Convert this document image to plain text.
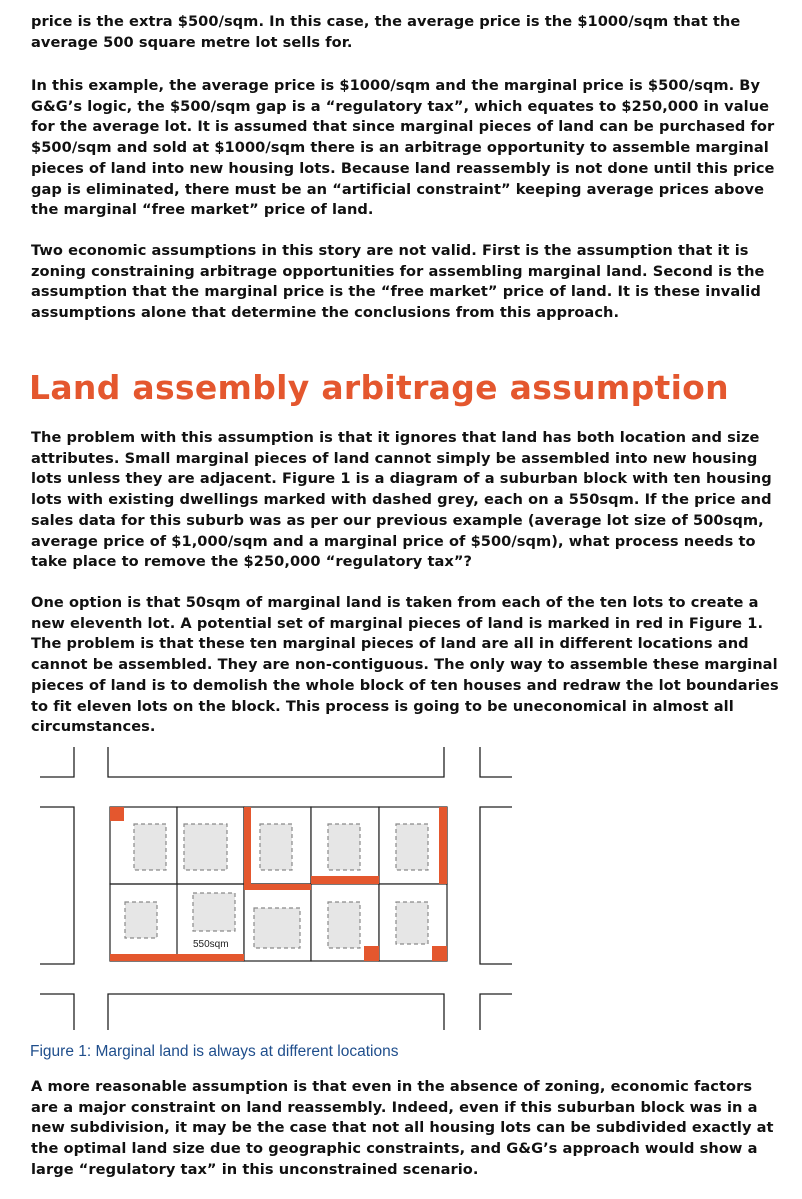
price is the extra $500/sqm. In this case, the average price is the $1000/sqm that the average 500 square metre lot sells for.

In this example, the average price is $1000/sqm and the marginal price is $500/sqm. By G&G’s logic, the $500/sqm gap is a “regulatory tax”, which equates to $250,000 in value for the average lot. It is assumed that since marginal pieces of land can be purchased for $500/sqm and sold at $1000/sqm there is an arbitrage opportunity to assemble marginal pieces of land into new housing lots. Because land reassembly is not done until this price gap is eliminated, there must be an “artificial constraint” keeping average prices above the marginal “free market” price of land.

Two economic assumptions in this story are not valid. First is the assumption that it is zoning constraining arbitrage opportunities for assembling marginal land. Second is the assumption that the marginal price is the “free market” price of land. It is these invalid assumptions alone that determine the conclusions from this approach.

Land assembly arbitrage assumption

The problem with this assumption is that it ignores that land has both location and size attributes. Small marginal pieces of land cannot simply be assembled into new housing lots unless they are adjacent. Figure 1 is a diagram of a suburban block with ten housing lots with existing dwellings marked with dashed grey, each on a 550sqm. If the price and sales data for this suburb was as per our previous example (average lot size of 500sqm, average price of $1,000/sqm and a marginal price of $500/sqm), what process needs to take place to remove the $250,000 “regulatory tax”?

One option is that 50sqm of marginal land is taken from each of the ten lots to create a new eleventh lot. A potential set of marginal pieces of land is marked in red in Figure 1. The problem is that these ten marginal pieces of land are all in different locations and cannot be assembled. They are non-contiguous. The only way to assemble these marginal pieces of land is to demolish the whole block of ten houses and redraw the lot boundaries to fit eleven lots on the block. This process is going to be uneconomical in almost all circumstances.

550sqm

Figure 1: Marginal land is always at different locations

A more reasonable assumption is that even in the absence of zoning, economic factors are a major constraint on land reassembly. Indeed, even if this suburban block was in a new subdivision, it may be the case that not all housing lots can be subdivided exactly at the optimal land size due to geographic constraints, and G&G’s approach would show a large “regulatory tax” in this unconstrained scenario.
